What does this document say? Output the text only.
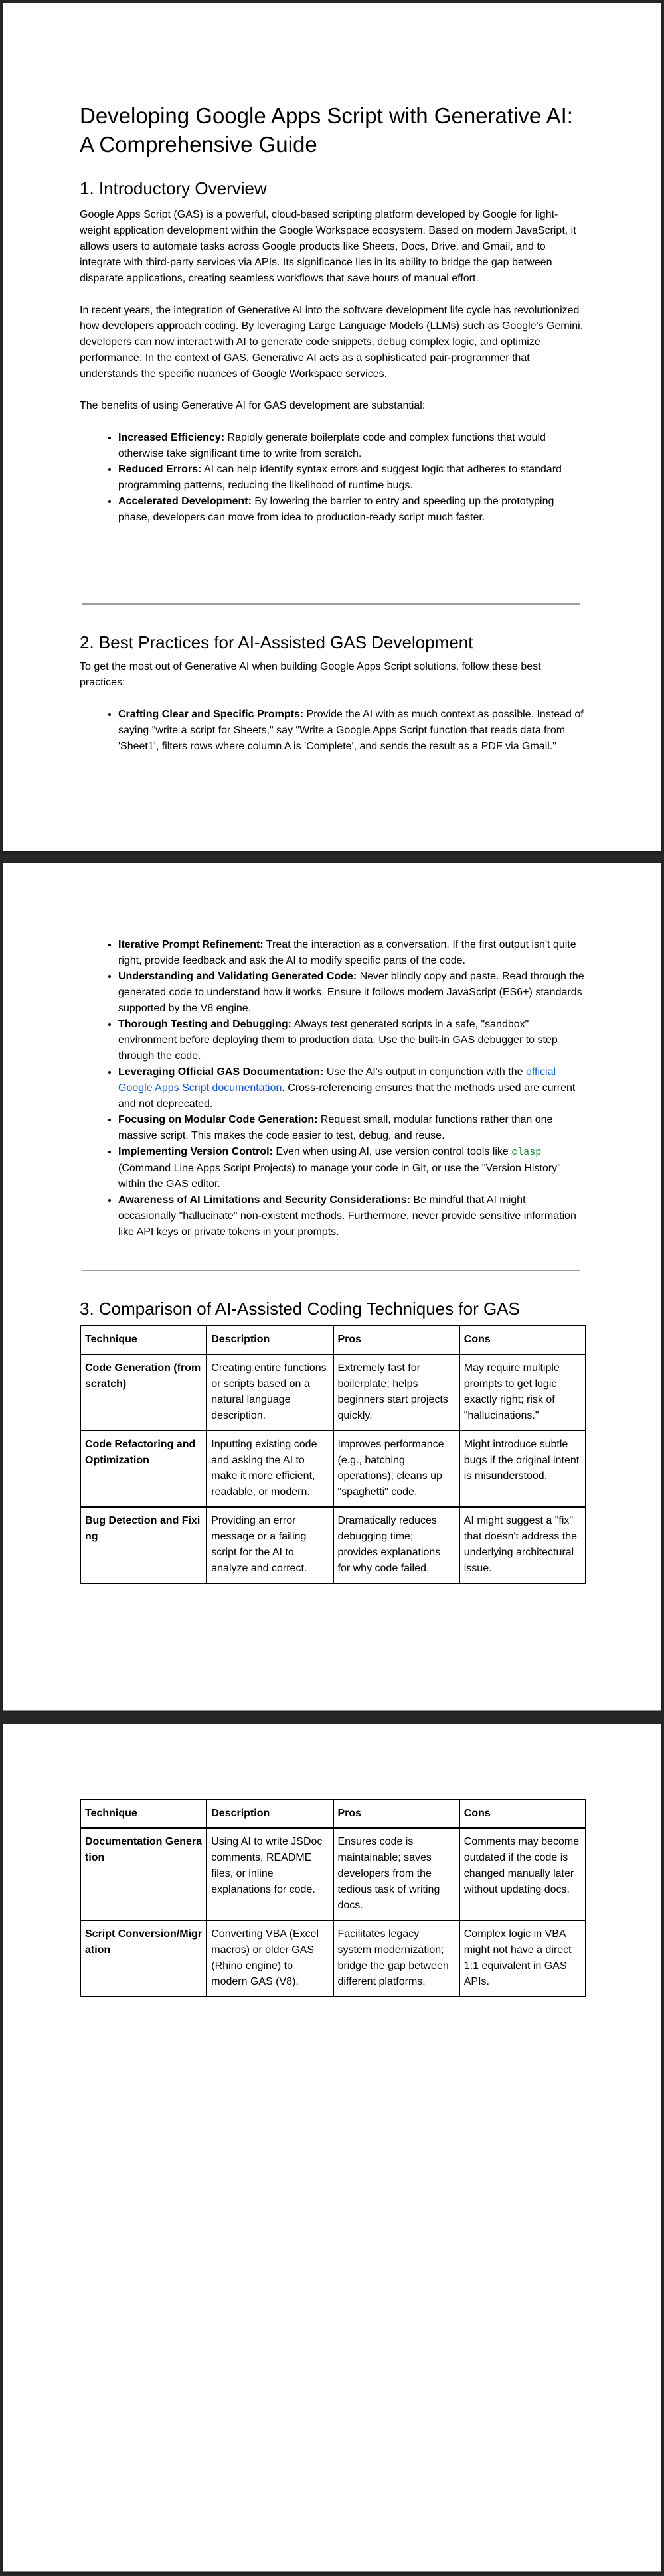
Developing Google Apps Script with Generative AI:
A Comprehensive Guide
1. Introductory Overview

Google Apps Script (GAS) is a powerful, cloud-based scripting platform developed by Google for light-weight application development within the Google Workspace ecosystem. Based on modern JavaScript, it allows users to automate tasks across Google products like Sheets, Docs, Drive, and Gmail, and to integrate with third-party services via APIs. Its significance lies in its ability to bridge the gap between disparate applications, creating seamless workflows that save hours of manual effort.

In recent years, the integration of Generative AI into the software development life cycle has revolutionized how developers approach coding. By leveraging Large Language Models (LLMs) such as Google's Gemini, developers can now interact with AI to generate code snippets, debug complex logic, and optimize performance. In the context of GAS, Generative AI acts as a sophisticated pair-programmer that understands the specific nuances of Google Workspace services.

The benefits of using Generative AI for GAS development are substantial:

• Increased Efficiency: Rapidly generate boilerplate code and complex functions that would otherwise take significant time to write from scratch.
• Reduced Errors: AI can help identify syntax errors and suggest logic that adheres to standard programming patterns, reducing the likelihood of runtime bugs.
• Accelerated Development: By lowering the barrier to entry and speeding up the prototyping phase, developers can move from idea to production-ready script much faster.
2. Best Practices for AI-Assisted GAS Development

To get the most out of Generative AI when building Google Apps Script solutions, follow these best practices:

• Crafting Clear and Specific Prompts: Provide the AI with as much context as possible. Instead of saying "write a script for Sheets," say "Write a Google Apps Script function that reads data from 'Sheet1', filters rows where column A is 'Complete', and sends the result as a PDF via Gmail."
• Iterative Prompt Refinement: Treat the interaction as a conversation. If the first output isn't quite right, provide feedback and ask the AI to modify specific parts of the code.
• Understanding and Validating Generated Code: Never blindly copy and paste. Read through the generated code to understand how it works. Ensure it follows modern JavaScript (ES6+) standards supported by the V8 engine.
• Thorough Testing and Debugging: Always test generated scripts in a safe, "sandbox" environment before deploying them to production data. Use the built-in GAS debugger to step through the code.
• Leveraging Official GAS Documentation: Use the AI's output in conjunction with the official Google Apps Script documentation. Cross-referencing ensures that the methods used are current and not deprecated.
• Focusing on Modular Code Generation: Request small, modular functions rather than one massive script. This makes the code easier to test, debug, and reuse.
• Implementing Version Control: Even when using AI, use version control tools like clasp (Command Line Apps Script Projects) to manage your code in Git, or use the "Version History" within the GAS editor.
• Awareness of AI Limitations and Security Considerations: Be mindful that AI might occasionally "hallucinate" non-existent methods. Furthermore, never provide sensitive information like API keys or private tokens in your prompts.
3. Comparison of AI-Assisted Coding Techniques for GAS
Technique	Description	Pros	Cons
Code Generation (from scratch)	Creating entire functions or scripts based on a natural language description.	Extremely fast for boilerplate; helps beginners start projects quickly.	May require multiple prompts to get logic exactly right; risk of "hallucinations."
Code Refactoring and Optimization	Inputting existing code and asking the AI to make it more efficient, readable, or modern.	Improves performance (e.g., batching operations); cleans up "spaghetti" code.	Might introduce subtle bugs if the original intent is misunderstood.
Bug Detection and Fixing	Providing an error message or a failing script for the AI to analyze and correct.	Dramatically reduces debugging time; provides explanations for why code failed.	AI might suggest a "fix" that doesn't address the underlying architectural issue.
Technique	Description	Pros	Cons
Documentation Generation	Using AI to write JSDoc comments, README files, or inline explanations for code.	Ensures code is maintainable; saves developers from the tedious task of writing docs.	Comments may become outdated if the code is changed manually later without updating docs.
Script Conversion/Migration	Converting VBA (Excel macros) or older GAS (Rhino engine) to modern GAS (V8).	Facilitates legacy system modernization; bridge the gap between different platforms.	Complex logic in VBA might not have a direct 1:1 equivalent in GAS APIs.
